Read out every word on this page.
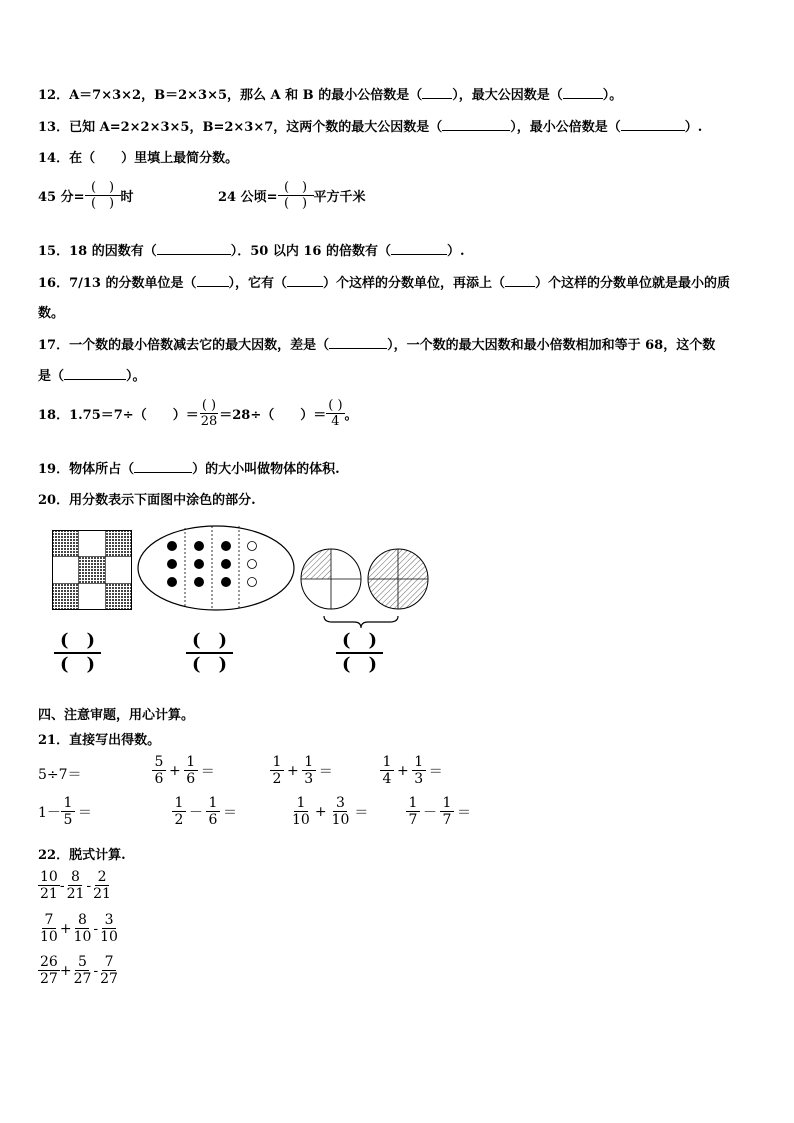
12．A＝7×3×2，B＝2×3×5，那么 A 和 B 的最小公倍数是（ ），最大公因数是（	）。
13．已知 A=2×2×3×5，B=2×3×7，这两个数的最大公因数是（	），最小公倍数是（	）.
14．在（　　）里填上最简分数。
45 分= $\frac{( )}{( )}$ 时	24 公顷= $\frac{( )}{( )}$ 平方千米
15．18 的因数有（	）．50 以内 16 的倍数有（	）.
16．7/13 的分数单位是（ ），它有（	）个这样的分数单位，再添上（ ）个这样的分数单位就是最小的质
数。
17．一个数的最小倍数减去它的最大因数，差是（	），一个数的最大因数和最小倍数相加和等于 68，这个数
是（	）。
18． 1.75＝7÷（　　）＝ $\frac{( )}{28} =28\div$（　　）＝ $\frac{( )}{4}$ 。
19．物体所占（	）的大小叫做物体的体积.
20．用分数表示下面图中涂色的部分.
(　)
(　)
(　)
(　)
(　)
(　)
四、注意审题，用心计算。
21．直接写出得数。
5÷7＝	$\frac{5}{6} + \frac{1}{6}$ ＝	$\frac{1}{2} + \frac{1}{3}$ ＝	$\frac{1}{4} + \frac{1}{3}$ ＝
$1- \frac{1}{5}$ ＝	$\frac{1}{2} - \frac{1}{6}$ ＝	$\frac{1}{10} + \frac{3}{10}$ ＝	$\frac{1}{7} - \frac{1}{7}$ ＝
22．脱式计算.
$\frac{10}{21} - \frac{8}{21} - \frac{2}{21}$
$\frac{7}{10} + \frac{8}{10} - \frac{3}{10}$
$\frac{26}{27} + \frac{5}{27} - \frac{7}{27}$
